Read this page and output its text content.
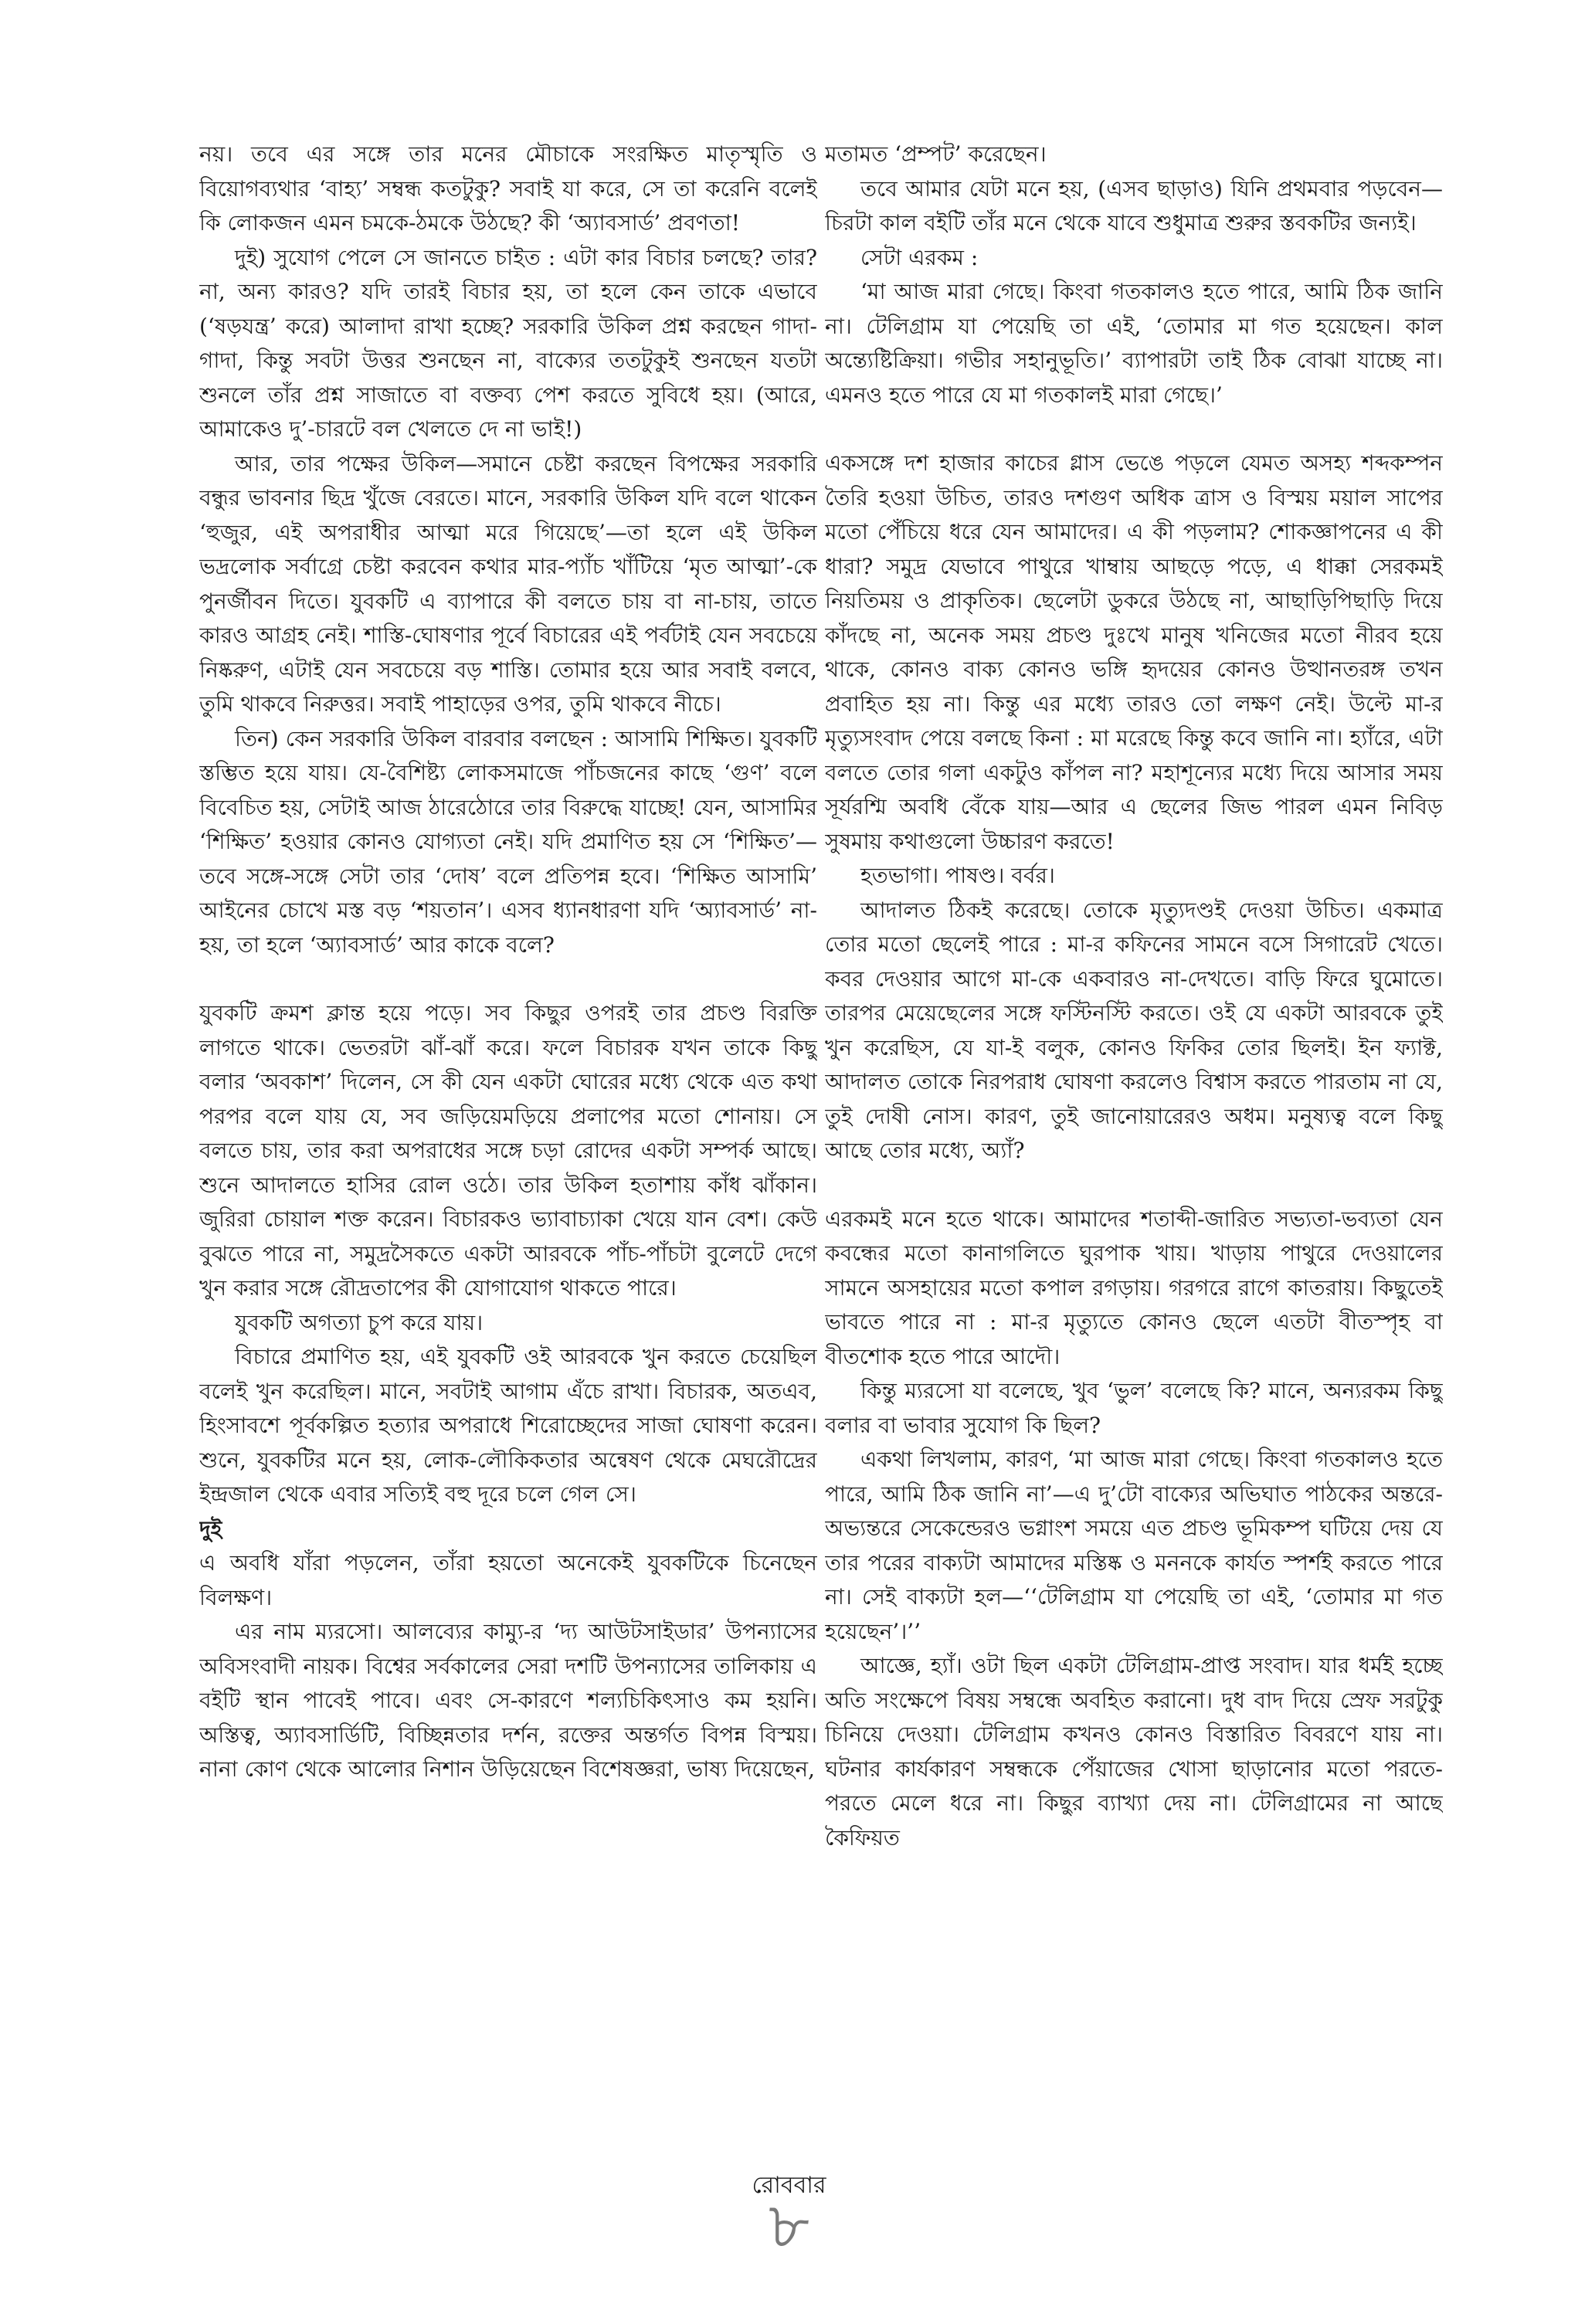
নয়। তবে এর সঙ্গে তার মনের মৌচাকে সংরক্ষিত মাতৃস্মৃতি ও বিয়োগব্যথার ‘বাহ্য’ সম্বন্ধ কতটুকু? সবাই যা করে, সে তা করেনি বলেই কি লোকজন এমন চমকে-ঠমকে উঠছে? কী ‘অ্যাবসার্ড’ প্রবণতা!

দুই) সুযোগ পেলে সে জানতে চাইত : এটা কার বিচার চলছে? তার? না, অন্য কারও? যদি তারই বিচার হয়, তা হলে কেন তাকে এভাবে (‘ষড়যন্ত্র’ করে) আলাদা রাখা হচ্ছে? সরকারি উকিল প্রশ্ন করছেন গাদা-গাদা, কিন্তু সবটা উত্তর শুনছেন না, বাক্যের ততটুকুই শুনছেন যতটা শুনলে তাঁর প্রশ্ন সাজাতে বা বক্তব্য পেশ করতে সুবিধে হয়। (আরে, আমাকেও দু’-চারটে বল খেলতে দে না ভাই!)

আর, তার পক্ষের উকিল—সমানে চেষ্টা করছেন বিপক্ষের সরকারি বন্ধুর ভাবনার ছিদ্র খুঁজে বেরতে। মানে, সরকারি উকিল যদি বলে থাকেন ‘হুজুর, এই অপরাধীর আত্মা মরে গিয়েছে’—তা হলে এই উকিল ভদ্রলোক সর্বাগ্রে চেষ্টা করবেন কথার মার-প্যাঁচ খাঁটিয়ে ‘মৃত আত্মা’-কে পুনর্জীবন দিতে। যুবকটি এ ব্যাপারে কী বলতে চায় বা না-চায়, তাতে কারও আগ্রহ নেই। শাস্তি-ঘোষণার পূর্বে বিচারের এই পর্বটাই যেন সবচেয়ে নিষ্করুণ, এটাই যেন সবচেয়ে বড় শাস্তি। তোমার হয়ে আর সবাই বলবে, তুমি থাকবে নিরুত্তর। সবাই পাহাড়ের ওপর, তুমি থাকবে নীচে।

তিন) কেন সরকারি উকিল বারবার বলছেন : আসামি শিক্ষিত। যুবকটি স্তম্ভিত হয়ে যায়। যে-বৈশিষ্ট্য লোকসমাজে পাঁচজনের কাছে ‘গুণ’ বলে বিবেচিত হয়, সেটাই আজ ঠারেঠোরে তার বিরুদ্ধে যাচ্ছে! যেন, আসামির ‘শিক্ষিত’ হওয়ার কোনও যোগ্যতা নেই। যদি প্রমাণিত হয় সে ‘শিক্ষিত’—তবে সঙ্গে-সঙ্গে সেটা তার ‘দোষ’ বলে প্রতিপন্ন হবে। ‘শিক্ষিত আসামি’ আইনের চোখে মস্ত বড় ‘শয়তান’। এসব ধ্যানধারণা যদি ‘অ্যাবসার্ড’ না-হয়, তা হলে ‘অ্যাবসার্ড’ আর কাকে বলে?

যুবকটি ক্রমশ ক্লান্ত হয়ে পড়ে। সব কিছুর ওপরই তার প্রচণ্ড বিরক্তি লাগতে থাকে। ভেতরটা ঝাঁ-ঝাঁ করে। ফলে বিচারক যখন তাকে কিছু বলার ‘অবকাশ’ দিলেন, সে কী যেন একটা ঘোরের মধ্যে থেকে এত কথা পরপর বলে যায় যে, সব জড়িয়েমড়িয়ে প্রলাপের মতো শোনায়। সে বলতে চায়, তার করা অপরাধের সঙ্গে চড়া রোদের একটা সম্পর্ক আছে। শুনে আদালতে হাসির রোল ওঠে। তার উকিল হতাশায় কাঁধ ঝাঁকান। জুরিরা চোয়াল শক্ত করেন। বিচারকও ভ্যাবাচ্যাকা খেয়ে যান বেশ। কেউ বুঝতে পারে না, সমুদ্রসৈকতে একটা আরবকে পাঁচ-পাঁচটা বুলেটে দেগে খুন করার সঙ্গে রৌদ্রতাপের কী যোগাযোগ থাকতে পারে।

যুবকটি অগত্যা চুপ করে যায়।

বিচারে প্রমাণিত হয়, এই যুবকটি ওই আরবকে খুন করতে চেয়েছিল বলেই খুন করেছিল। মানে, সবটাই আগাম এঁচে রাখা। বিচারক, অতএব, হিংসাবশে পূর্বকল্পিত হত্যার অপরাধে শিরোচ্ছেদের সাজা ঘোষণা করেন। শুনে, যুবকটির মনে হয়, লোক-লৌকিকতার অন্বেষণ থেকে মেঘরৌদ্রের ইন্দ্রজাল থেকে এবার সত্যিই বহু দূরে চলে গেল সে।

দুই

এ অবধি যাঁরা পড়লেন, তাঁরা হয়তো অনেকেই যুবকটিকে চিনেছেন বিলক্ষণ।

এর নাম ম্যরসো। আলব্যের কাম্যু-র ‘দ্য আউটসাইডার’ উপন্যাসের অবিসংবাদী নায়ক। বিশ্বের সর্বকালের সেরা দশটি উপন্যাসের তালিকায় এ বইটি স্থান পাবেই পাবে। এবং সে-কারণে শল্যচিকিৎসাও কম হয়নি। অস্তিত্ব, অ্যাবসার্ডিটি, বিচ্ছিন্নতার দর্শন, রক্তের অন্তর্গত বিপন্ন বিস্ময়। নানা কোণ থেকে আলোর নিশান উড়িয়েছেন বিশেষজ্ঞরা, ভাষ্য দিয়েছেন,

মতামত ‘প্রম্পট’ করেছেন।

তবে আমার যেটা মনে হয়, (এসব ছাড়াও) যিনি প্রথমবার পড়বেন—চিরটা কাল বইটি তাঁর মনে থেকে যাবে শুধুমাত্র শুরুর স্তবকটির জন্যই।

সেটা এরকম :

‘মা আজ মারা গেছে। কিংবা গতকালও হতে পারে, আমি ঠিক জানি না। টেলিগ্রাম যা পেয়েছি তা এই, ‘তোমার মা গত হয়েছেন। কাল অন্ত্যেষ্টিক্রিয়া। গভীর সহানুভূতি।’ ব্যাপারটা তাই ঠিক বোঝা যাচ্ছে না। এমনও হতে পারে যে মা গতকালই মারা গেছে।’

একসঙ্গে দশ হাজার কাচের গ্লাস ভেঙে পড়লে যেমত অসহ্য শব্দকম্পন তৈরি হওয়া উচিত, তারও দশগুণ অধিক ত্রাস ও বিস্ময় ময়াল সাপের মতো পেঁচিয়ে ধরে যেন আমাদের। এ কী পড়লাম? শোকজ্ঞাপনের এ কী ধারা? সমুদ্র যেভাবে পাথুরে খাম্বায় আছড়ে পড়ে, এ ধাক্কা সেরকমই নিয়তিময় ও প্রাকৃতিক। ছেলেটা ডুকরে উঠছে না, আছাড়িপিছাড়ি দিয়ে কাঁদছে না, অনেক সময় প্রচণ্ড দুঃখে মানুষ খনিজের মতো নীরব হয়ে থাকে, কোনও বাক্য কোনও ভঙ্গি হৃদয়ের কোনও উত্থানতরঙ্গ তখন প্রবাহিত হয় না। কিন্তু এর মধ্যে তারও তো লক্ষণ নেই। উল্টে মা-র মৃত্যুসংবাদ পেয়ে বলছে কিনা : মা মরেছে কিন্তু কবে জানি না। হ্যাঁরে, এটা বলতে তোর গলা একটুও কাঁপল না? মহাশূন্যের মধ্যে দিয়ে আসার সময় সূর্যরশ্মি অবধি বেঁকে যায়—আর এ ছেলের জিভ পারল এমন নিবিড় সুষমায় কথাগুলো উচ্চারণ করতে!

হতভাগা। পাষণ্ড। বর্বর।

আদালত ঠিকই করেছে। তোকে মৃত্যুদণ্ডই দেওয়া উচিত। একমাত্র তোর মতো ছেলেই পারে : মা-র কফিনের সামনে বসে সিগারেট খেতে। কবর দেওয়ার আগে মা-কে একবারও না-দেখতে। বাড়ি ফিরে ঘুমোতে। তারপর মেয়েছেলের সঙ্গে ফস্টিনস্টি করতে। ওই যে একটা আরবকে তুই খুন করেছিস, যে যা-ই বলুক, কোনও ফিকির তোর ছিলই। ইন ফ্যাক্ট, আদালত তোকে নিরপরাধ ঘোষণা করলেও বিশ্বাস করতে পারতাম না যে, তুই দোষী নোস। কারণ, তুই জানোয়ারেরও অধম। মনুষ্যত্ব বলে কিছু আছে তোর মধ্যে, অ্যাঁ?

এরকমই মনে হতে থাকে। আমাদের শতাব্দী-জারিত সভ্যতা-ভব্যতা যেন কবন্ধের মতো কানাগলিতে ঘুরপাক খায়। খাড়ায় পাথুরে দেওয়ালের সামনে অসহায়ের মতো কপাল রগড়ায়। গরগরে রাগে কাতরায়। কিছুতেই ভাবতে পারে না : মা-র মৃত্যুতে কোনও ছেলে এতটা বীতস্পৃহ বা বীতশোক হতে পারে আদৌ।

কিন্তু ম্যরসো যা বলেছে, খুব ‘ভুল’ বলেছে কি? মানে, অন্যরকম কিছু বলার বা ভাবার সুযোগ কি ছিল?

একথা লিখলাম, কারণ, ‘মা আজ মারা গেছে। কিংবা গতকালও হতে পারে, আমি ঠিক জানি না’—এ দু’টো বাক্যের অভিঘাত পাঠকের অন্তরে-অভ্যন্তরে সেকেন্ডেরও ভগ্নাংশ সময়ে এত প্রচণ্ড ভূমিকম্প ঘটিয়ে দেয় যে তার পরের বাক্যটা আমাদের মস্তিষ্ক ও মননকে কার্যত স্পর্শই করতে পারে না। সেই বাক্যটা হল—‘‘টেলিগ্রাম যা পেয়েছি তা এই, ‘তোমার মা গত হয়েছেন’।’’

আজ্ঞে, হ্যাঁ। ওটা ছিল একটা টেলিগ্রাম-প্রাপ্ত সংবাদ। যার ধর্মই হচ্ছে অতি সংক্ষেপে বিষয় সম্বন্ধে অবহিত করানো। দুধ বাদ দিয়ে স্রেফ সরটুকু চিনিয়ে দেওয়া। টেলিগ্রাম কখনও কোনও বিস্তারিত বিবরণে যায় না। ঘটনার কার্যকারণ সম্বন্ধকে পেঁয়াজের খোসা ছাড়ানোর মতো পরতে-পরতে মেলে ধরে না। কিছুর ব্যাখ্যা দেয় না। টেলিগ্রামের না আছে কৈফিয়ত

রোববার
৮
